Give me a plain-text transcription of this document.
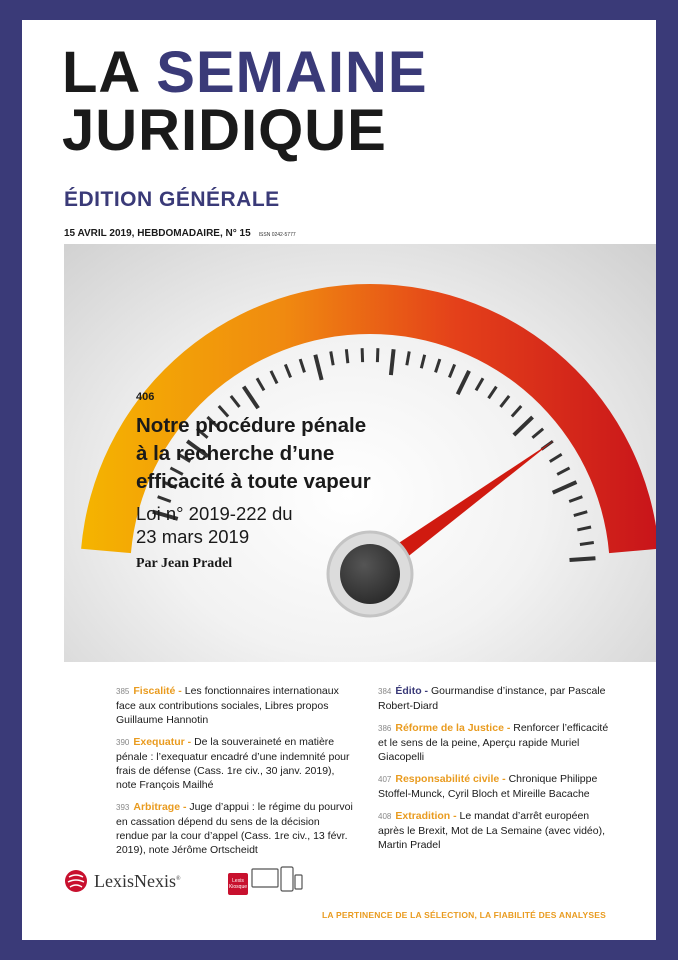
LA SEMAINE
JURIDIQUE
ÉDITION GÉNÉRALE
15 AVRIL 2019, HEBDOMADAIRE, N° 15 ISSN 0242-5777
406
Notre procédure pénale
à la recherche d’une
efficacité à toute vapeur
Loi n° 2019-222 du
23 mars 2019
Par Jean Pradel
385 Fiscalité - Les fonctionnaires internationaux face aux contributions sociales, Libres propos Guillaume Hannotin
390 Exequatur - De la souveraineté en matière pénale : l’exequatur encadré d’une indemnité pour frais de défense (Cass. 1re civ., 30 janv. 2019), note François Mailhé
393 Arbitrage - Juge d’appui : le régime du pourvoi en cassation dépend du sens de la décision rendue par la cour d’appel (Cass. 1re civ., 13 févr. 2019), note Jérôme Ortscheidt
384 Édito - Gourmandise d’instance, par Pascale Robert-Diard
386 Réforme de la Justice - Renforcer l’efficacité et le sens de la peine, Aperçu rapide Muriel Giacopelli
407 Responsabilité civile - Chronique Philippe Stoffel-Munck, Cyril Bloch et Mireille Bacache
408 Extradition - Le mandat d’arrêt européen après le Brexit, Mot de La Semaine (avec vidéo), Martin Pradel
LexisNexis®	Lexis
Kiosque
LA PERTINENCE DE LA SÉLECTION, LA FIABILITÉ DES ANALYSES
